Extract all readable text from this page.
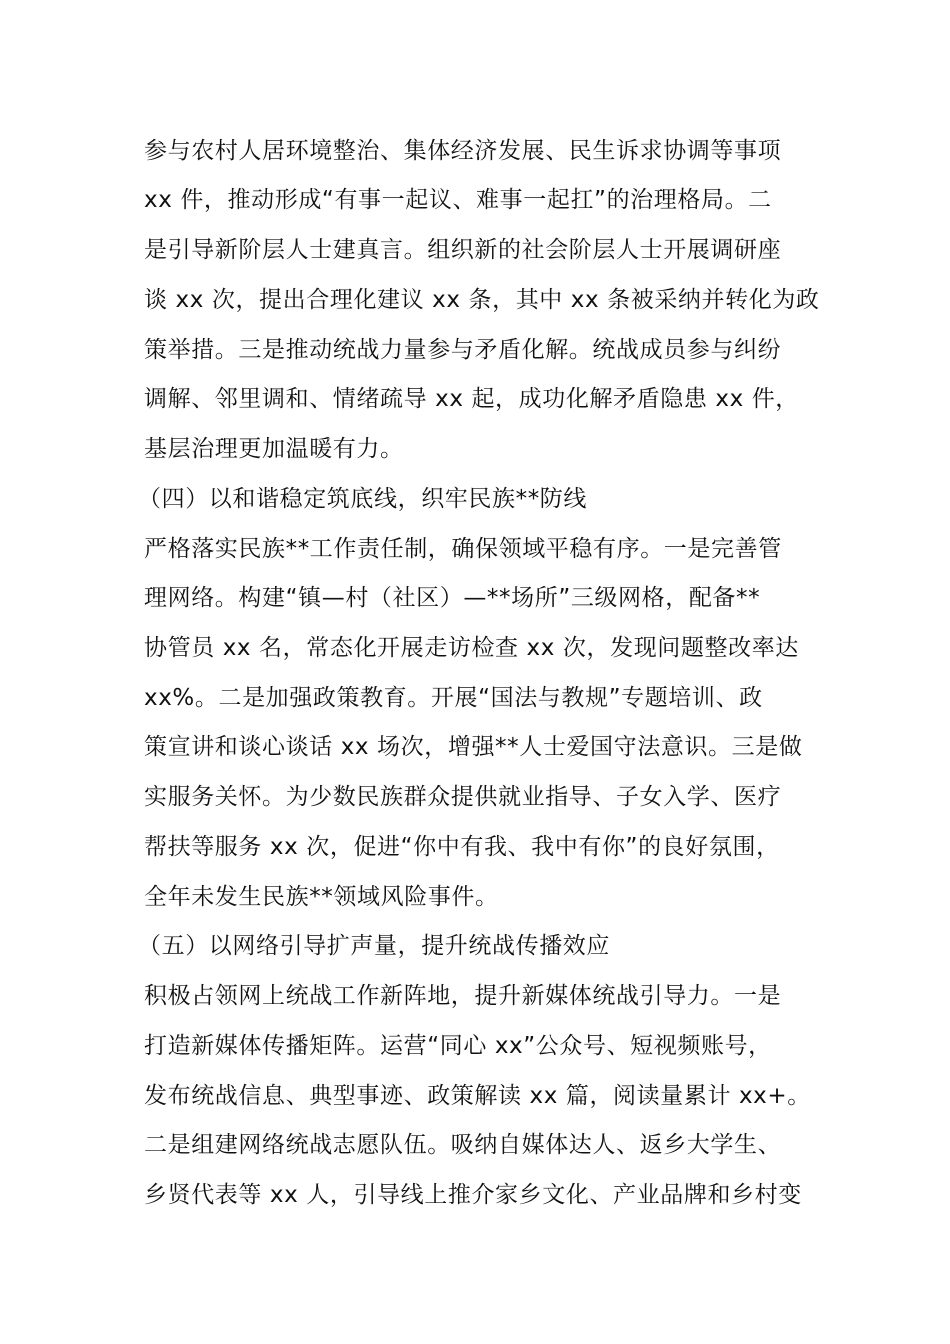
参与农村人居环境整治、集体经济发展、民生诉求协调等事项
xx 件，推动形成“有事一起议、难事一起扛”的治理格局。二
是引导新阶层人士建真言。组织新的社会阶层人士开展调研座
谈 xx 次，提出合理化建议 xx 条，其中 xx 条被采纳并转化为政
策举措。三是推动统战力量参与矛盾化解。统战成员参与纠纷
调解、邻里调和、情绪疏导 xx 起，成功化解矛盾隐患 xx 件，
基层治理更加温暖有力。
（四）以和谐稳定筑底线，织牢民族**防线
严格落实民族**工作责任制，确保领域平稳有序。一是完善管
理网络。构建“镇—村（社区）—**场所”三级网格，配备**
协管员 xx 名，常态化开展走访检查 xx 次，发现问题整改率达
xx%。二是加强政策教育。开展“国法与教规”专题培训、政
策宣讲和谈心谈话 xx 场次，增强**人士爱国守法意识。三是做
实服务关怀。为少数民族群众提供就业指导、子女入学、医疗
帮扶等服务 xx 次，促进“你中有我、我中有你”的良好氛围，
全年未发生民族**领域风险事件。
（五）以网络引导扩声量，提升统战传播效应
积极占领网上统战工作新阵地，提升新媒体统战引导力。一是
打造新媒体传播矩阵。运营“同心 xx”公众号、短视频账号，
发布统战信息、典型事迹、政策解读 xx 篇，阅读量累计 xx+。
二是组建网络统战志愿队伍。吸纳自媒体达人、返乡大学生、
乡贤代表等 xx 人，引导线上推介家乡文化、产业品牌和乡村变
